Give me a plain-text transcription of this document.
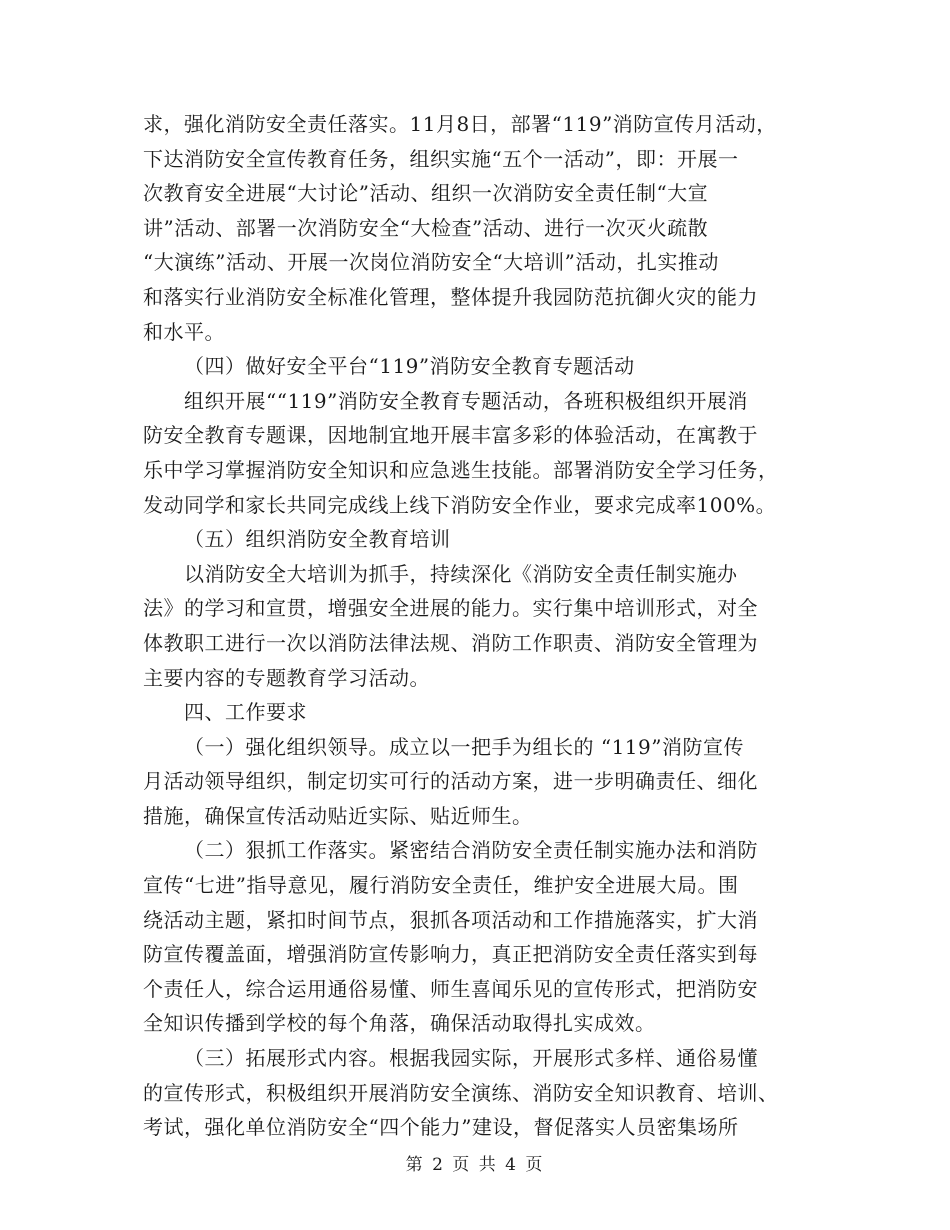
求，强化消防安全责任落实。11月8日，部署“119”消防宣传月活动，
下达消防安全宣传教育任务，组织实施“五个一活动”，即：开展一
次教育安全进展“大讨论”活动、组织一次消防安全责任制“大宣
讲”活动、部署一次消防安全“大检查”活动、进行一次灭火疏散
“大演练”活动、开展一次岗位消防安全“大培训”活动，扎实推动
和落实行业消防安全标准化管理，整体提升我园防范抗御火灾的能力
和水平。
（四）做好安全平台“119”消防安全教育专题活动
组织开展““119”消防安全教育专题活动，各班积极组织开展消
防安全教育专题课，因地制宜地开展丰富多彩的体验活动，在寓教于
乐中学习掌握消防安全知识和应急逃生技能。部署消防安全学习任务，
发动同学和家长共同完成线上线下消防安全作业，要求完成率100%。
（五）组织消防安全教育培训
以消防安全大培训为抓手，持续深化《消防安全责任制实施办
法》的学习和宣贯，增强安全进展的能力。实行集中培训形式，对全
体教职工进行一次以消防法律法规、消防工作职责、消防安全管理为
主要内容的专题教育学习活动。
四、工作要求
（一）强化组织领导。成立以一把手为组长的 “119”消防宣传
月活动领导组织，制定切实可行的活动方案，进一步明确责任、细化
措施，确保宣传活动贴近实际、贴近师生。
（二）狠抓工作落实。紧密结合消防安全责任制实施办法和消防
宣传“七进”指导意见，履行消防安全责任，维护安全进展大局。围
绕活动主题，紧扣时间节点，狠抓各项活动和工作措施落实，扩大消
防宣传覆盖面，增强消防宣传影响力，真正把消防安全责任落实到每
个责任人，综合运用通俗易懂、师生喜闻乐见的宣传形式，把消防安
全知识传播到学校的每个角落，确保活动取得扎实成效。
（三）拓展形式内容。根据我园实际，开展形式多样、通俗易懂
的宣传形式，积极组织开展消防安全演练、消防安全知识教育、培训、
考试，强化单位消防安全“四个能力”建设，督促落实人员密集场所
第 2 页 共 4 页
